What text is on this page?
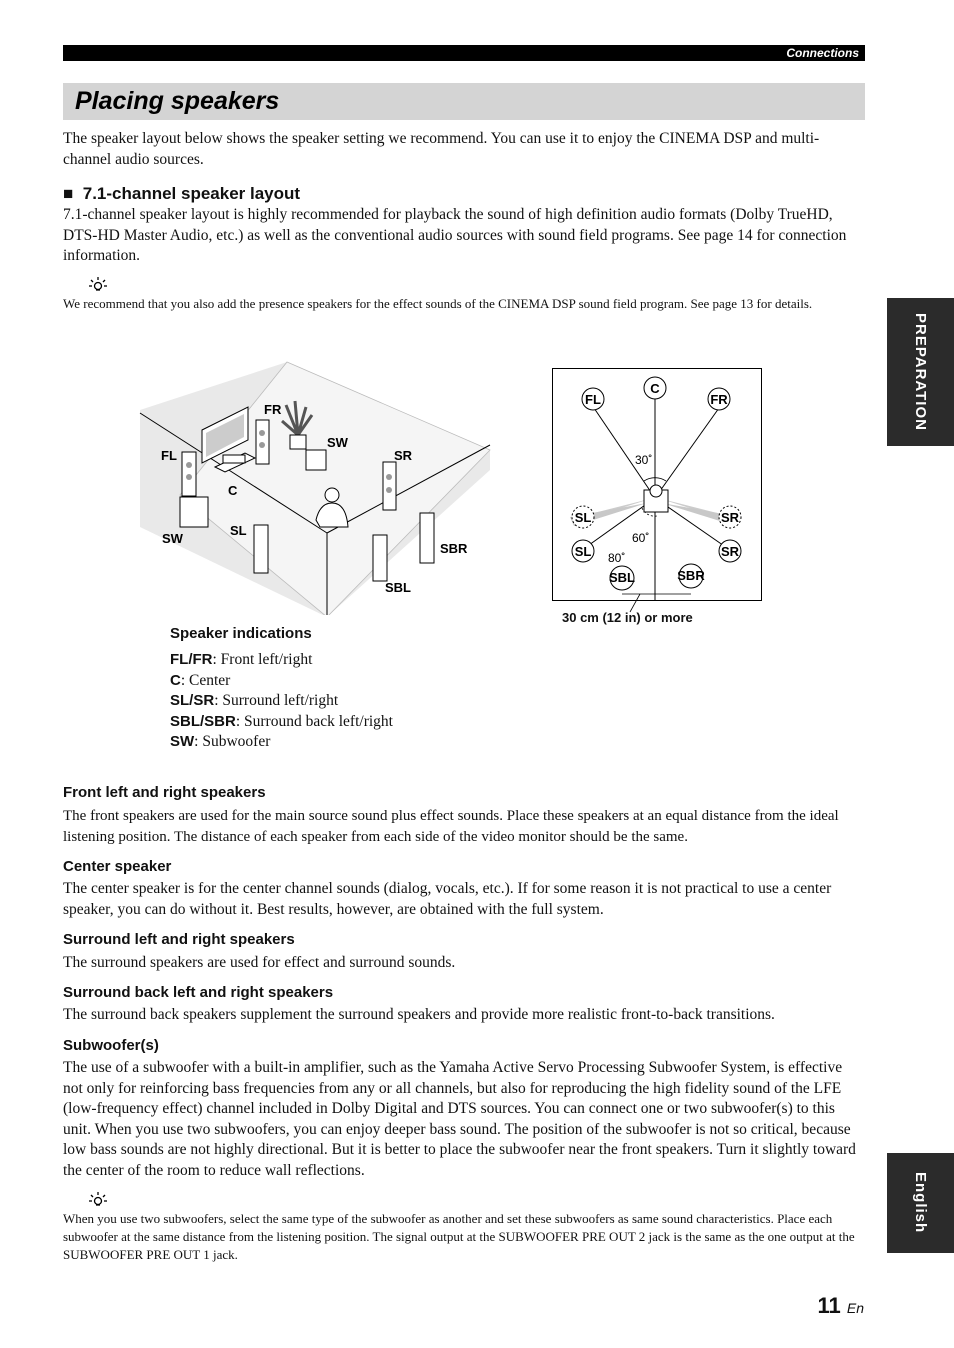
Connections
Placing speakers
The speaker layout below shows the speaker setting we recommend. You can use it to enjoy the CINEMA DSP and multi-channel audio sources.
■ 7.1-channel speaker layout
7.1-channel speaker layout is highly recommended for playback the sound of high definition audio formats (Dolby TrueHD, DTS-HD Master Audio, etc.) as well as the conventional audio sources with sound field programs. See page 14 for connection information.
We recommend that you also add the presence speakers for the effect sounds of the CINEMA DSP sound field program. See page 13 for details.
FR
FL
SW
SR
C
SL
SW
SBR
SBL
FL
C
FR
SL	SR
SL	SR
SBL	SBR
30˚
60˚
80˚
30 cm (12 in) or more
Speaker indications
FL/FR: Front left/right
C: Center
SL/SR: Surround left/right
SBL/SBR: Surround back left/right
SW: Subwoofer
Front left and right speakers
The front speakers are used for the main source sound plus effect sounds. Place these speakers at an equal distance from the ideal listening position. The distance of each speaker from each side of the video monitor should be the same.
Center speaker
The center speaker is for the center channel sounds (dialog, vocals, etc.). If for some reason it is not practical to use a center speaker, you can do without it. Best results, however, are obtained with the full system.
Surround left and right speakers
The surround speakers are used for effect and surround sounds.
Surround back left and right speakers
The surround back speakers supplement the surround speakers and provide more realistic front-to-back transitions.
Subwoofer(s)
The use of a subwoofer with a built-in amplifier, such as the Yamaha Active Servo Processing Subwoofer System, is effective not only for reinforcing bass frequencies from any or all channels, but also for reproducing the high fidelity sound of the LFE (low-frequency effect) channel included in Dolby Digital and DTS sources. You can connect one or two subwoofer(s) to this unit. When you use two subwoofers, you can enjoy deeper bass sound. The position of the subwoofer is not so critical, because low bass sounds are not highly directional. But it is better to place the subwoofer near the front speakers. Turn it slightly toward the center of the room to reduce wall reflections.
When you use two subwoofers, select the same type of the subwoofer as another and set these subwoofers as same sound characteristics. Place each subwoofer at the same distance from the listening position. The signal output at the SUBWOOFER PRE OUT 2 jack is the same as the one output at the SUBWOOFER PRE OUT 1 jack.
PREPARATION
English
11 En
